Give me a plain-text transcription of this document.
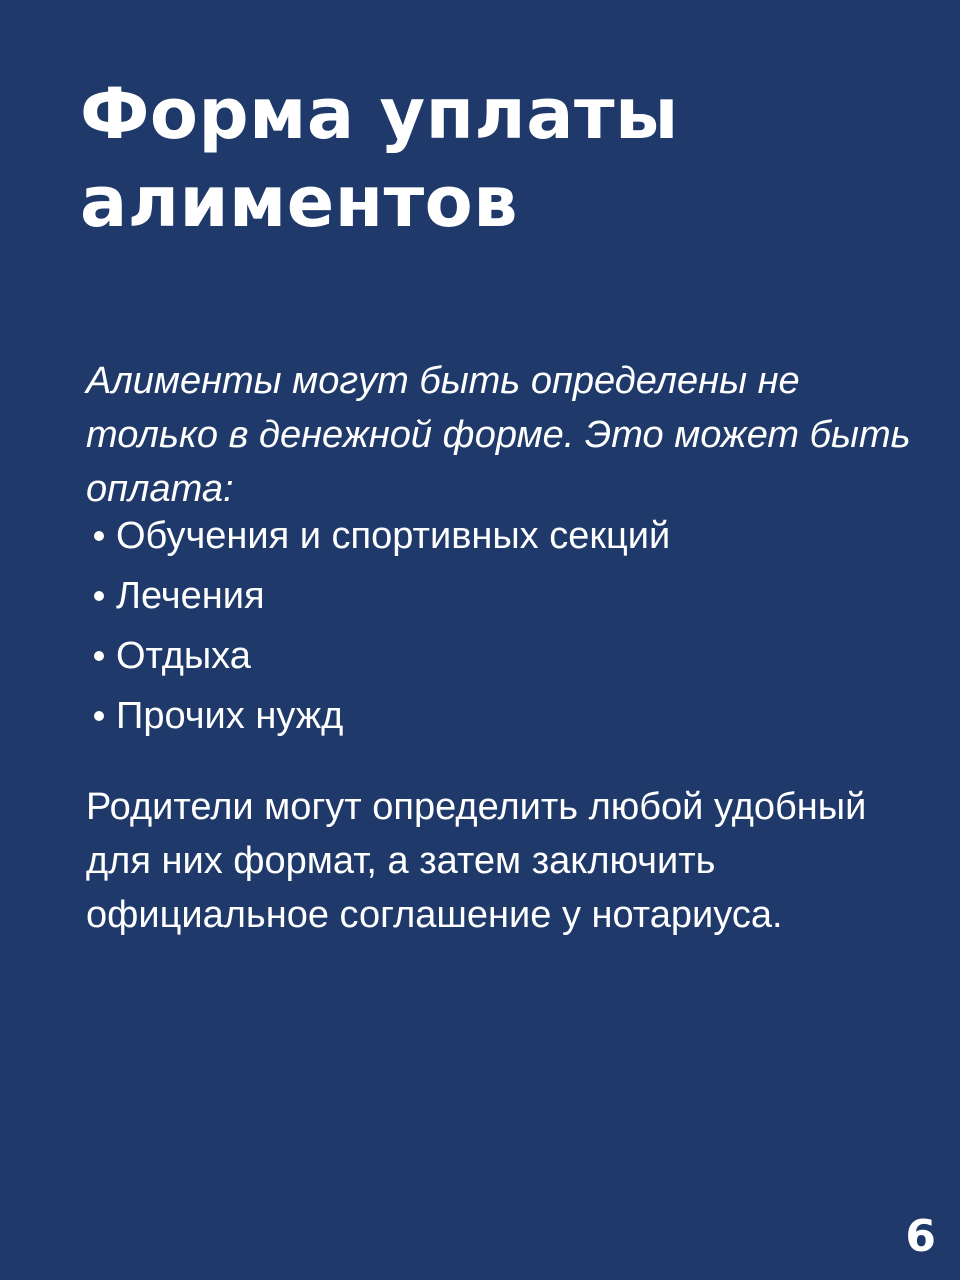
Форма уплаты
алиментов

Алименты могут быть определены не только в денежной форме. Это может быть оплата:

Обучения и спортивных секций
Лечения
Отдыха
Прочих нужд

Родители могут определить любой удобный для них формат, а затем заключить официальное соглашение у нотариуса.

6
